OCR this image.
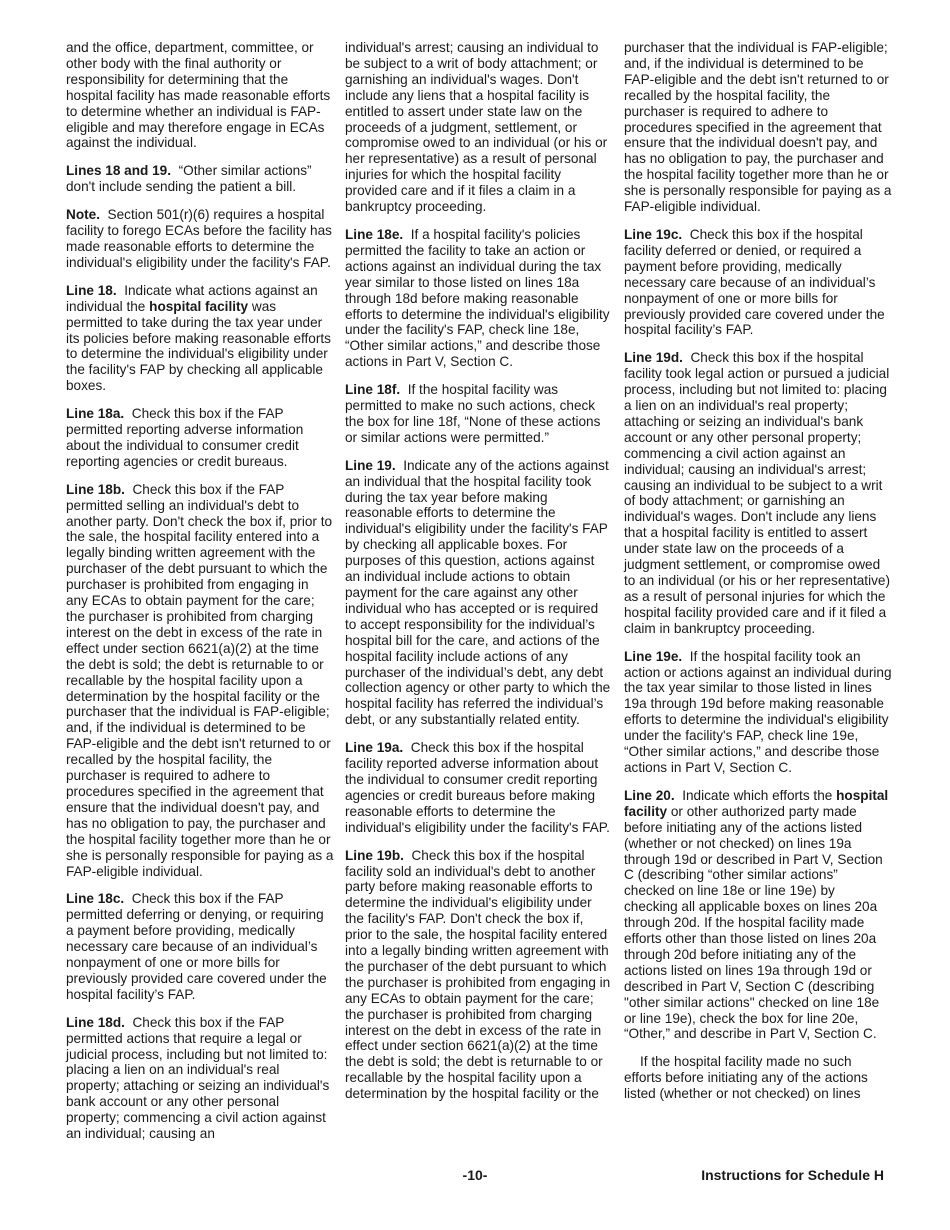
and the office, department, committee, or other body with the final authority or responsibility for determining that the hospital facility has made reasonable efforts to determine whether an individual is FAP-eligible and may therefore engage in ECAs against the individual.

Lines 18 and 19. “Other similar actions” don't include sending the patient a bill.

Note. Section 501(r)(6) requires a hospital facility to forego ECAs before the facility has made reasonable efforts to determine the individual's eligibility under the facility's FAP.

Line 18. Indicate what actions against an individual the hospital facility was permitted to take during the tax year under its policies before making reasonable efforts to determine the individual's eligibility under the facility's FAP by checking all applicable boxes.

Line 18a. Check this box if the FAP permitted reporting adverse information about the individual to consumer credit reporting agencies or credit bureaus.

Line 18b. Check this box if the FAP permitted selling an individual's debt to another party. Don't check the box if, prior to the sale, the hospital facility entered into a legally binding written agreement with the purchaser of the debt pursuant to which the purchaser is prohibited from engaging in any ECAs to obtain payment for the care; the purchaser is prohibited from charging interest on the debt in excess of the rate in effect under section 6621(a)(2) at the time the debt is sold; the debt is returnable to or recallable by the hospital facility upon a determination by the hospital facility or the purchaser that the individual is FAP-eligible; and, if the individual is determined to be FAP-eligible and the debt isn't returned to or recalled by the hospital facility, the purchaser is required to adhere to procedures specified in the agreement that ensure that the individual doesn't pay, and has no obligation to pay, the purchaser and the hospital facility together more than he or she is personally responsible for paying as a FAP-eligible individual.

Line 18c. Check this box if the FAP permitted deferring or denying, or requiring a payment before providing, medically necessary care because of an individual’s nonpayment of one or more bills for previously provided care covered under the hospital facility’s FAP.

Line 18d. Check this box if the FAP permitted actions that require a legal or judicial process, including but not limited to: placing a lien on an individual's real property; attaching or seizing an individual's bank account or any other personal property; commencing a civil action against an individual; causing an

individual's arrest; causing an individual to be subject to a writ of body attachment; or garnishing an individual's wages. Don't include any liens that a hospital facility is entitled to assert under state law on the proceeds of a judgment, settlement, or compromise owed to an individual (or his or her representative) as a result of personal injuries for which the hospital facility provided care and if it files a claim in a bankruptcy proceeding.

Line 18e. If a hospital facility's policies permitted the facility to take an action or actions against an individual during the tax year similar to those listed on lines 18a through 18d before making reasonable efforts to determine the individual's eligibility under the facility's FAP, check line 18e, “Other similar actions,” and describe those actions in Part V, Section C.

Line 18f. If the hospital facility was permitted to make no such actions, check the box for line 18f, “None of these actions or similar actions were permitted.”

Line 19. Indicate any of the actions against an individual that the hospital facility took during the tax year before making reasonable efforts to determine the individual's eligibility under the facility's FAP by checking all applicable boxes. For purposes of this question, actions against an individual include actions to obtain payment for the care against any other individual who has accepted or is required to accept responsibility for the individual’s hospital bill for the care, and actions of the hospital facility include actions of any purchaser of the individual’s debt, any debt collection agency or other party to which the hospital facility has referred the individual’s debt, or any substantially related entity.

Line 19a. Check this box if the hospital facility reported adverse information about the individual to consumer credit reporting agencies or credit bureaus before making reasonable efforts to determine the individual's eligibility under the facility's FAP.

Line 19b. Check this box if the hospital facility sold an individual's debt to another party before making reasonable efforts to determine the individual's eligibility under the facility's FAP. Don't check the box if, prior to the sale, the hospital facility entered into a legally binding written agreement with the purchaser of the debt pursuant to which the purchaser is prohibited from engaging in any ECAs to obtain payment for the care; the purchaser is prohibited from charging interest on the debt in excess of the rate in effect under section 6621(a)(2) at the time the debt is sold; the debt is returnable to or recallable by the hospital facility upon a determination by the hospital facility or the

purchaser that the individual is FAP-eligible; and, if the individual is determined to be FAP-eligible and the debt isn't returned to or recalled by the hospital facility, the purchaser is required to adhere to procedures specified in the agreement that ensure that the individual doesn't pay, and has no obligation to pay, the purchaser and the hospital facility together more than he or she is personally responsible for paying as a FAP-eligible individual.

Line 19c. Check this box if the hospital facility deferred or denied, or required a payment before providing, medically necessary care because of an individual’s nonpayment of one or more bills for previously provided care covered under the hospital facility’s FAP.

Line 19d. Check this box if the hospital facility took legal action or pursued a judicial process, including but not limited to: placing a lien on an individual's real property; attaching or seizing an individual's bank account or any other personal property; commencing a civil action against an individual; causing an individual's arrest; causing an individual to be subject to a writ of body attachment; or garnishing an individual's wages. Don't include any liens that a hospital facility is entitled to assert under state law on the proceeds of a judgment settlement, or compromise owed to an individual (or his or her representative) as a result of personal injuries for which the hospital facility provided care and if it filed a claim in bankruptcy proceeding.

Line 19e. If the hospital facility took an action or actions against an individual during the tax year similar to those listed in lines 19a through 19d before making reasonable efforts to determine the individual's eligibility under the facility's FAP, check line 19e, “Other similar actions,” and describe those actions in Part V, Section C.

Line 20. Indicate which efforts the hospital facility or other authorized party made before initiating any of the actions listed (whether or not checked) on lines 19a through 19d or described in Part V, Section C (describing “other similar actions” checked on line 18e or line 19e) by checking all applicable boxes on lines 20a through 20d. If the hospital facility made efforts other than those listed on lines 20a through 20d before initiating any of the actions listed on lines 19a through 19d or described in Part V, Section C (describing "other similar actions" checked on line 18e or line 19e), check the box for line 20e, “Other,” and describe in Part V, Section C.

If the hospital facility made no such efforts before initiating any of the actions listed (whether or not checked) on lines

-10-	Instructions for Schedule H
